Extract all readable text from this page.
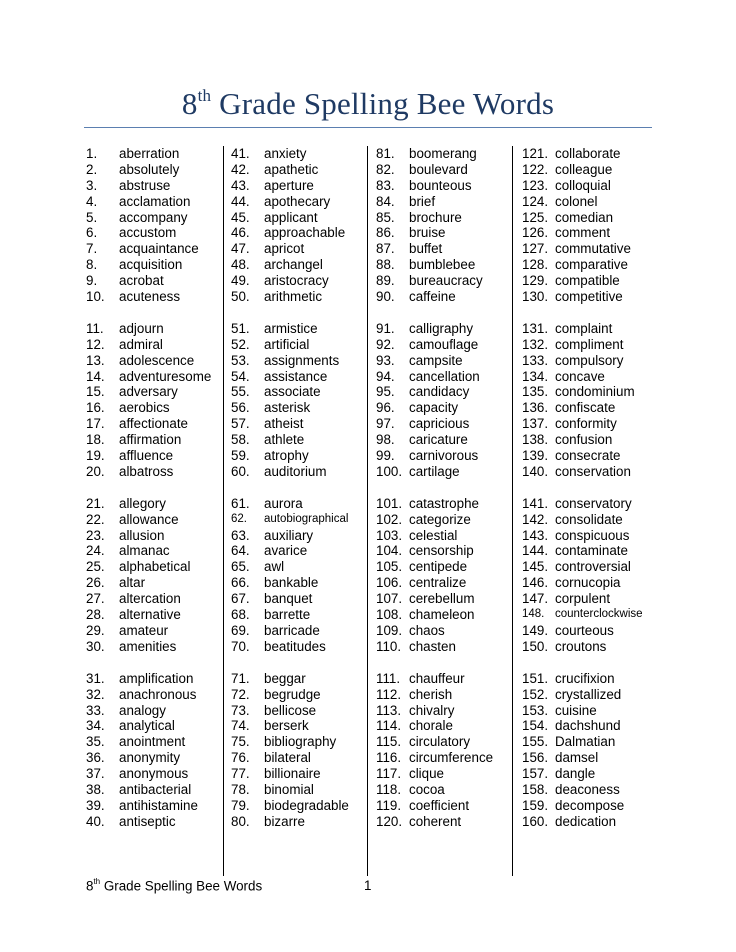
8th Grade Spelling Bee Words
1. aberration
2. absolutely
3. abstruse
4. acclamation
5. accompany
6. accustom
7. acquaintance
8. acquisition
9. acrobat
10. acuteness
11. adjourn
12. admiral
13. adolescence
14. adventuresome
15. adversary
16. aerobics
17. affectionate
18. affirmation
19. affluence
20. albatross
21. allegory
22. allowance
23. allusion
24. almanac
25. alphabetical
26. altar
27. altercation
28. alternative
29. amateur
30. amenities
31. amplification
32. anachronous
33. analogy
34. analytical
35. anointment
36. anonymity
37. anonymous
38. antibacterial
39. antihistamine
40. antiseptic
41. anxiety
42. apathetic
43. aperture
44. apothecary
45. applicant
46. approachable
47. apricot
48. archangel
49. aristocracy
50. arithmetic
51. armistice
52. artificial
53. assignments
54. assistance
55. associate
56. asterisk
57. atheist
58. athlete
59. atrophy
60. auditorium
61. aurora
62. autobiographical
63. auxiliary
64. avarice
65. awl
66. bankable
67. banquet
68. barrette
69. barricade
70. beatitudes
71. beggar
72. begrudge
73. bellicose
74. berserk
75. bibliography
76. bilateral
77. billionaire
78. binomial
79. biodegradable
80. bizarre
81. boomerang
82. boulevard
83. bounteous
84. brief
85. brochure
86. bruise
87. buffet
88. bumblebee
89. bureaucracy
90. caffeine
91. calligraphy
92. camouflage
93. campsite
94. cancellation
95. candidacy
96. capacity
97. capricious
98. caricature
99. carnivorous
100. cartilage
101. catastrophe
102. categorize
103. celestial
104. censorship
105. centipede
106. centralize
107. cerebellum
108. chameleon
109. chaos
110. chasten
111. chauffeur
112. cherish
113. chivalry
114. chorale
115. circulatory
116. circumference
117. clique
118. cocoa
119. coefficient
120. coherent
121. collaborate
122. colleague
123. colloquial
124. colonel
125. comedian
126. comment
127. commutative
128. comparative
129. compatible
130. competitive
131. complaint
132. compliment
133. compulsory
134. concave
135. condominium
136. confiscate
137. conformity
138. confusion
139. consecrate
140. conservation
141. conservatory
142. consolidate
143. conspicuous
144. contaminate
145. controversial
146. cornucopia
147. corpulent
148. counterclockwise
149. courteous
150. croutons
151. crucifixion
152. crystallized
153. cuisine
154. dachshund
155. Dalmatian
156. damsel
157. dangle
158. deaconess
159. decompose
160. dedication
8th Grade Spelling Bee Words	1
